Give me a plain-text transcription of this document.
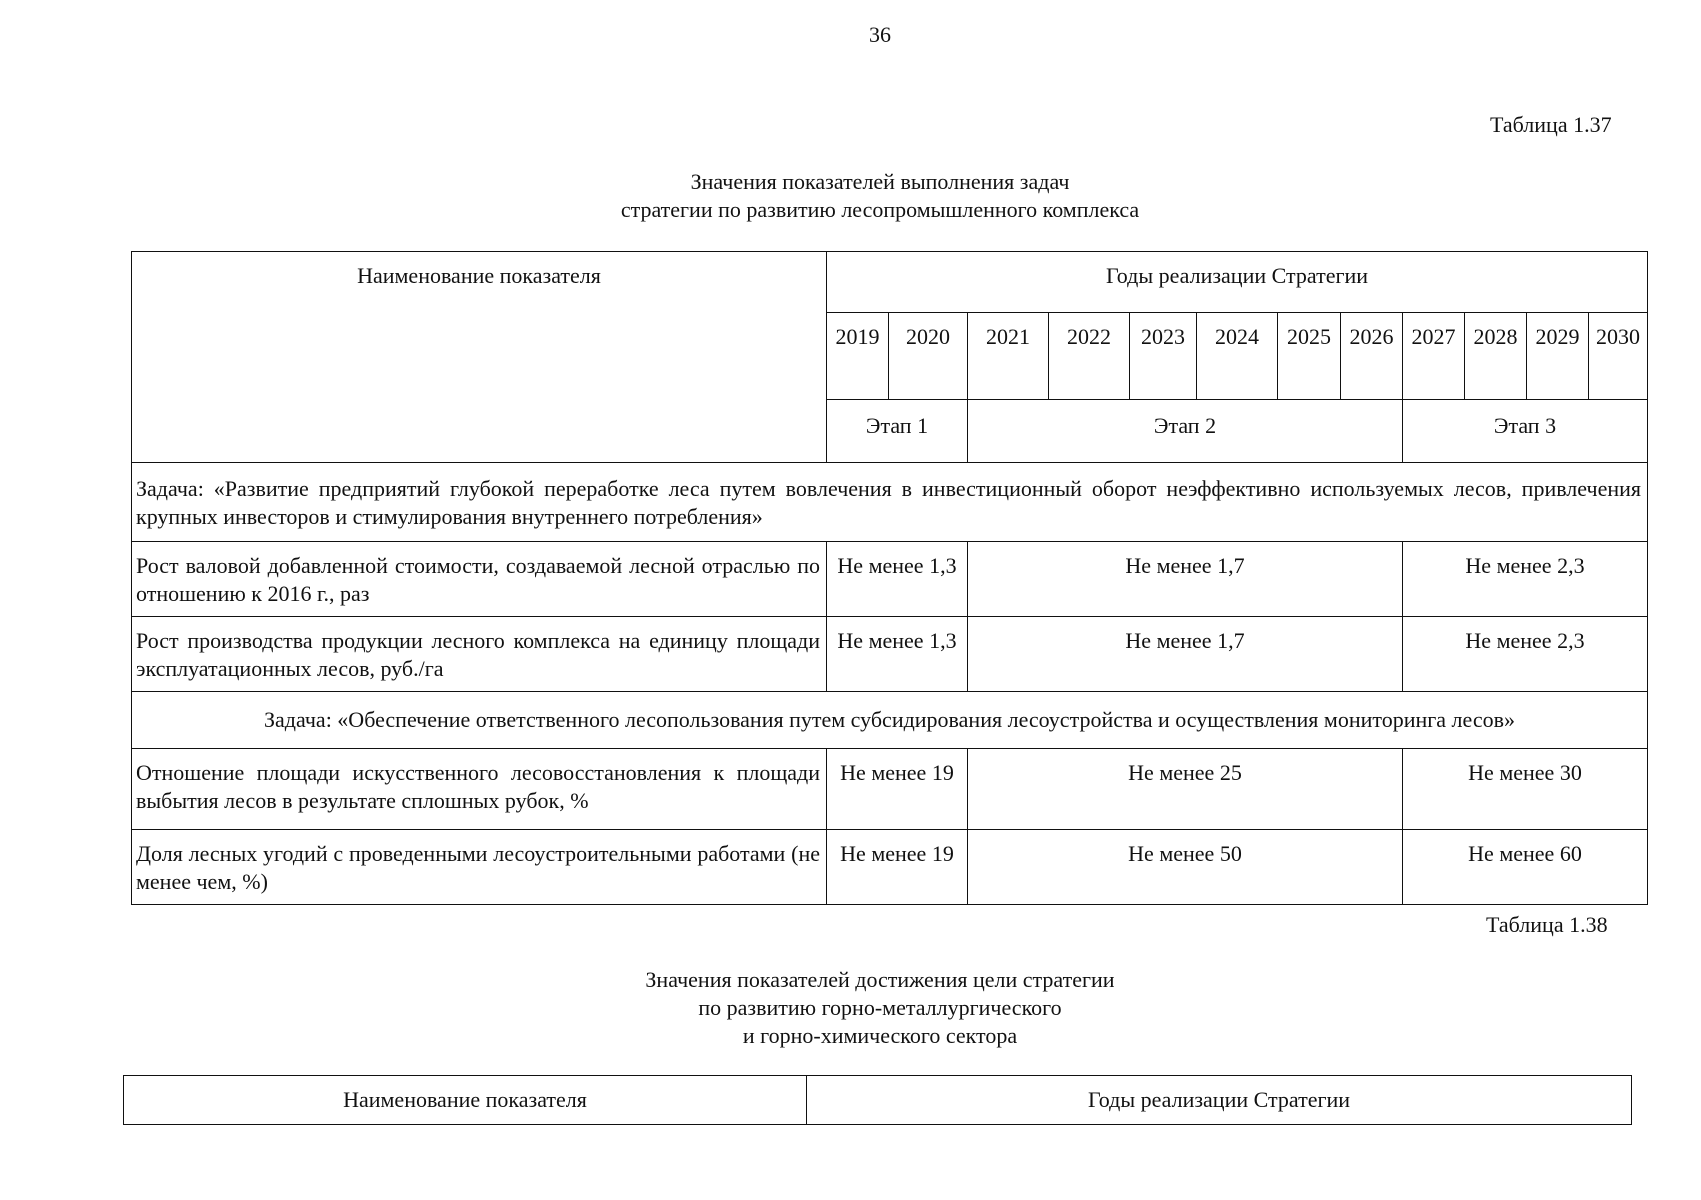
36
Таблица 1.37
Значения показателей выполнения задач
стратегии по развитию лесопромышленного комплекса
Наименование показателя	Годы реализации Стратегии											
	2019	2020	2021	2022	2023	2024	2025	2026	2027	2028	2029	2030
	Этап 1		Этап 2						Этап 3			
Задача: «Развитие предприятий глубокой переработке леса путем вовлечения в инвестиционный оборот неэффективно используемых лесов, привлечения крупных инвесторов и стимулирования внутреннего потребления»												
Рост валовой добавленной стоимости, создаваемой лесной отраслью по отношению к 2016 г., раз	Не менее 1,3		Не менее 1,7						Не менее 2,3			
Рост производства продукции лесного комплекса на единицу площади эксплуатационных лесов, руб./га	Не менее 1,3		Не менее 1,7						Не менее 2,3			
Задача: «Обеспечение ответственного лесопользования путем субсидирования лесоустройства и осуществления мониторинга лесов»												
Отношение площади искусственного лесовосстановления к площади выбытия лесов в результате сплошных рубок, %	Не менее 19		Не менее 25						Не менее 30			
Доля лесных угодий с проведенными лесоустроительными работами (не менее чем, %)	Не менее 19		Не менее 50						Не менее 60			
Таблица 1.38
Значения показателей достижения цели стратегии
по развитию горно-металлургического
и горно-химического сектора
Наименование показателя	Годы реализации Стратегии
